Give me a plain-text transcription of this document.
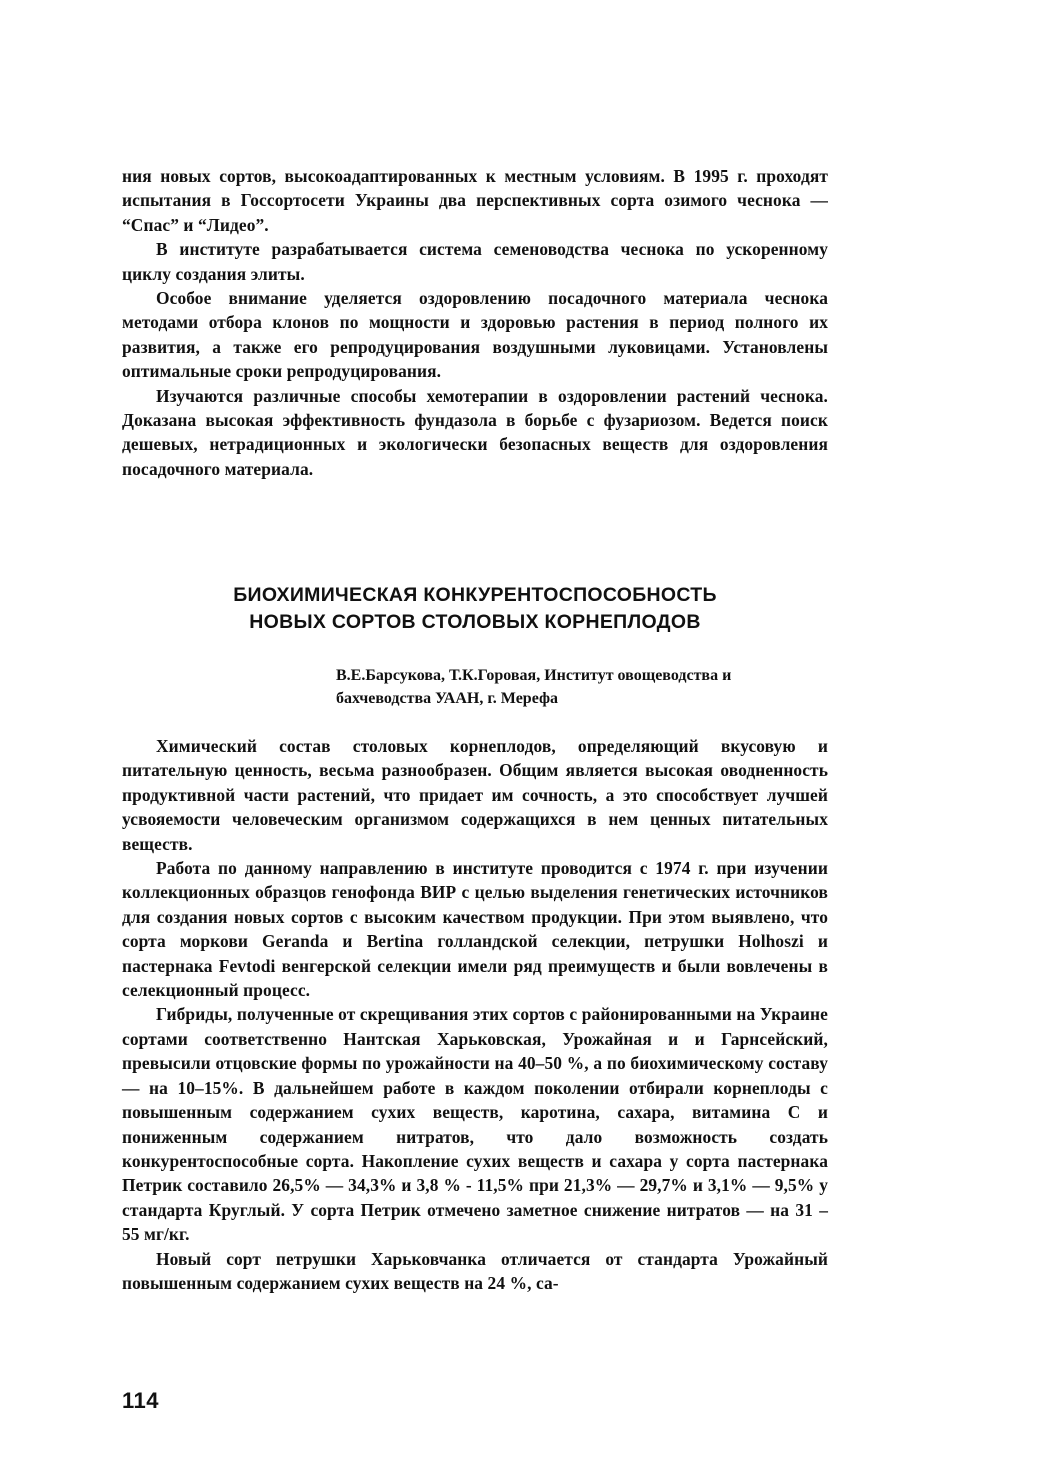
ния новых сортов, высокоадаптированных к местным условиям. В 1995 г. проходят испытания в Госсортосети Украины два перспективных сорта озимого чеснока — “Спас” и “Лидео”.

В институте разрабатывается система семеноводства чеснока по ускоренному циклу создания элиты.

Особое внимание уделяется оздоровлению посадочного материала чеснока методами отбора клонов по мощности и здоровью растения в период полного их развития, а также его репродуцирования воздушными луковицами. Установлены оптимальные сроки репродуцирования.

Изучаются различные способы хемотерапии в оздоровлении растений чеснока. Доказана высокая эффективность фундазола в борьбе с фузариозом. Ведется поиск дешевых, нетрадиционных и экологически безопасных веществ для оздоровления посадочного материала.

БИОХИМИЧЕСКАЯ КОНКУРЕНТОСПОСОБНОСТЬ
НОВЫХ СОРТОВ СТОЛОВЫХ КОРНЕПЛОДОВ

В.Е.Барсукова, Т.К.Горовая, Институт овощеводства и бахчеводства УААН, г. Мерефа

Химический состав столовых корнеплодов, определяющий вкусовую и питательную ценность, весьма разнообразен. Общим является высокая оводненность продуктивной части растений, что придает им сочность, а это способствует лучшей усвояемости человеческим организмом содержащихся в нем ценных питательных веществ.

Работа по данному направлению в институте проводится с 1974 г. при изучении коллекционных образцов генофонда ВИР с целью выделения генетических источников для создания новых сортов с высоким качеством продукции. При этом выявлено, что сорта моркови Geranda и Bertina голландской селекции, петрушки Holhoszi и пастернака Fevtodi венгерской селекции имели ряд преимуществ и были вовлечены в селекционный процесс.

Гибриды, полученные от скрещивания этих сортов с районированными на Украине сортами соответственно Нантская Харьковская, Урожайная и и Гарнсейский, превысили отцовские формы по урожайности на 40–50 %, а по биохимическому составу — на 10–15%. В дальнейшем работе в каждом поколении отбирали корнеплоды с повышенным содержанием сухих веществ, каротина, сахара, витамина С и пониженным содержанием нитратов, что дало возможность создать конкурентоспособные сорта. Накопление сухих веществ и сахара у сорта пастернака Петрик составило 26,5% — 34,3% и 3,8 % - 11,5% при 21,3% — 29,7% и 3,1% — 9,5% у стандарта Круглый. У сорта Петрик отмечено заметное снижение нитратов — на 31 – 55 мг/кг.

Новый сорт петрушки Харьковчанка отличается от стандарта Урожайный повышенным содержанием сухих веществ на 24 %, са-

114
